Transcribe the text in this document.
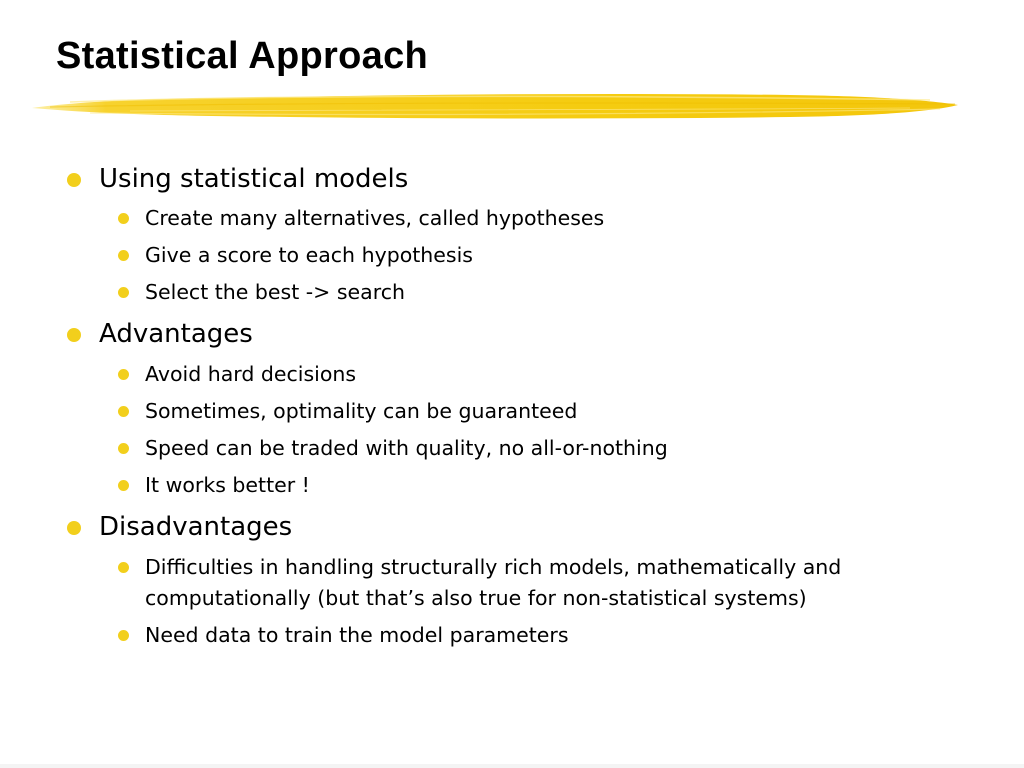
Statistical Approach
Using statistical models
Create many alternatives, called hypotheses
Give a score to each hypothesis
Select the best -> search
Advantages
Avoid hard decisions
Sometimes, optimality can be guaranteed
Speed can be traded with quality, no all-or-nothing
It works better !
Disadvantages
Difficulties in handling structurally rich models, mathematically and computationally (but that’s also true for non-statistical systems)
Need data to train the model parameters
